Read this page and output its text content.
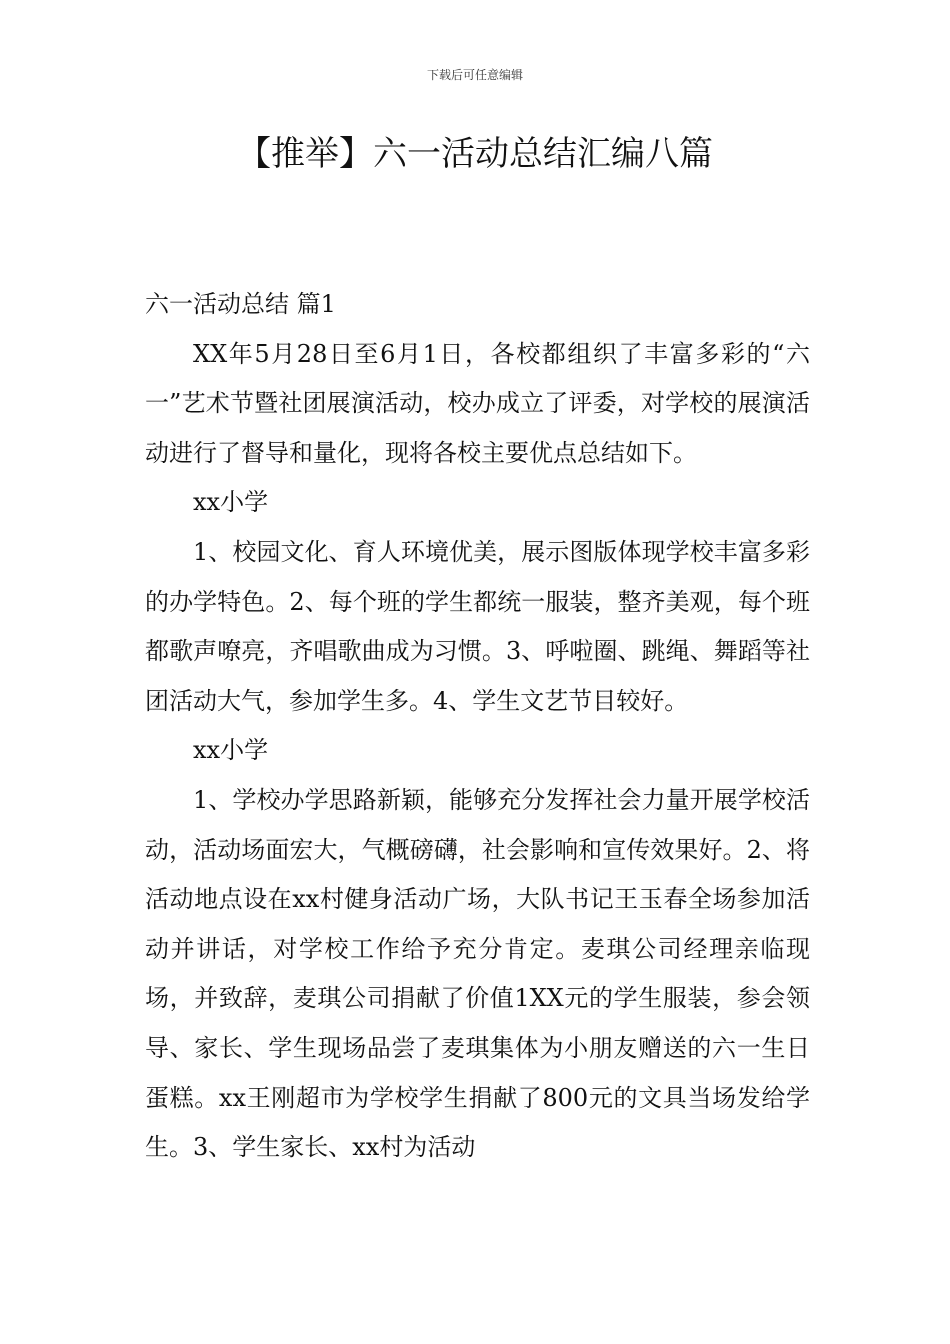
下载后可任意编辑
【推举】六一活动总结汇编八篇

六一活动总结 篇1

XX年5月28日至6月1日，各校都组织了丰富多彩的“六一”艺术节暨社团展演活动，校办成立了评委，对学校的展演活动进行了督导和量化，现将各校主要优点总结如下。

xx小学

1、校园文化、育人环境优美，展示图版体现学校丰富多彩的办学特色。2、每个班的学生都统一服装，整齐美观，每个班都歌声嘹亮，齐唱歌曲成为习惯。3、呼啦圈、跳绳、舞蹈等社团活动大气，参加学生多。4、学生文艺节目较好。

xx小学

1、学校办学思路新颖，能够充分发挥社会力量开展学校活动，活动场面宏大，气概磅礴，社会影响和宣传效果好。2、将活动地点设在xx村健身活动广场，大队书记王玉春全场参加活动并讲话，对学校工作给予充分肯定。麦琪公司经理亲临现场，并致辞，麦琪公司捐献了价值1XX元的学生服装，参会领导、家长、学生现场品尝了麦琪集体为小朋友赠送的六一生日蛋糕。xx王刚超市为学校学生捐献了800元的文具当场发给学生。3、学生家长、xx村为活动
